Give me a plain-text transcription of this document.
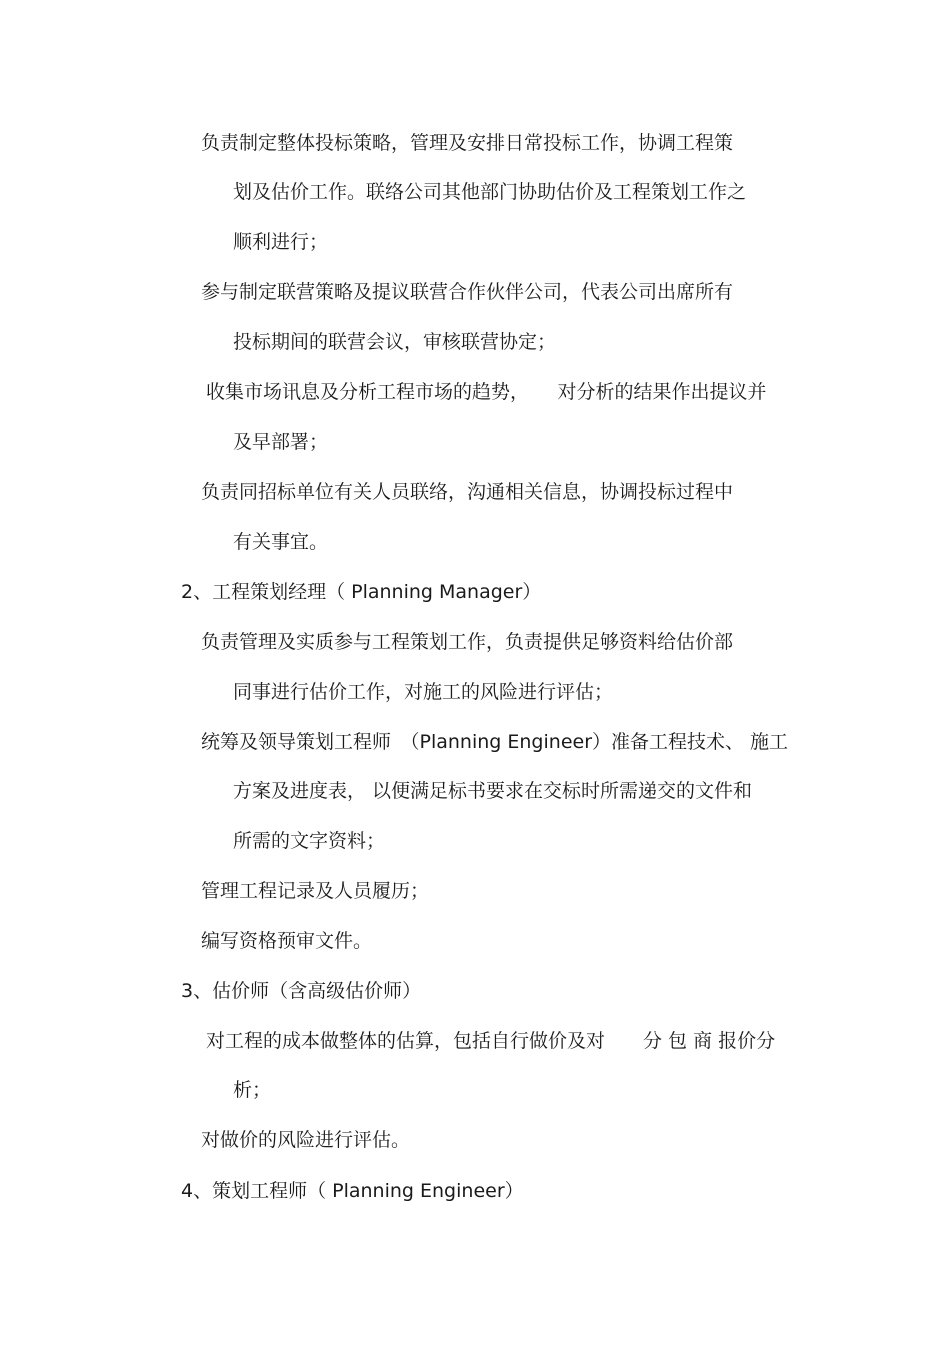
负责制定整体投标策略，管理及安排日常投标工作，协调工程策
划及估价工作。联络公司其他部门协助估价及工程策划工作之
顺利进行；
参与制定联营策略及提议联营合作伙伴公司，代表公司出席所有
投标期间的联营会议，审核联营协定；
收集市场讯息及分析工程市场的趋势，　　对分析的结果作出提议并
及早部署；
负责同招标单位有关人员联络，沟通相关信息，协调投标过程中
有关事宜。
2、工程策划经理（ Planning Manager）
负责管理及实质参与工程策划工作，负责提供足够资料给估价部
同事进行估价工作，对施工的风险进行评估；
统筹及领导策划工程师　（Planning Engineer）准备工程技术、 施工
方案及进度表， 以便满足标书要求在交标时所需递交的文件和
所需的文字资料；
管理工程记录及人员履历；
编写资格预审文件。
3、估价师（含高级估价师）
对工程的成本做整体的估算，包括自行做价及对　　分 包 商 报价分
析；
对做价的风险进行评估。
4、策划工程师（ Planning Engineer）
